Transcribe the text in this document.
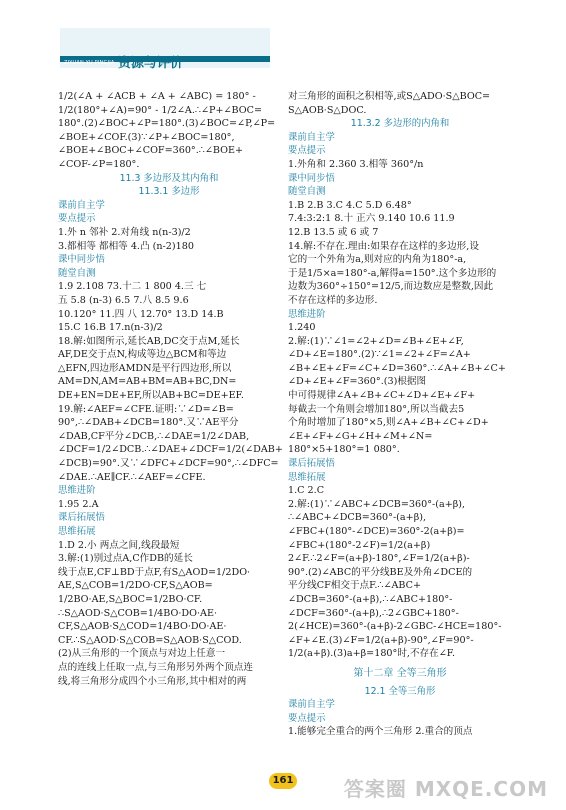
ZIYUAN YU PINGJIA 资源与评价

1/2(∠A + ∠ACB + ∠A + ∠ABC) = 180° -

1/2(180°+∠A)=90° - 1/2∠A.∴∠P+∠BOC=

180°.(2)∠BOC+∠P=180°.(3)∠BOC=∠P,∠P=

∠BOE+∠COF.(3)∵∠P+∠BOC=180°,

∠BOE+∠BOC+∠COF=360°.∴∠BOE+

∠COF-∠P=180°.

11.3 多边形及其内角和

11.3.1 多边形

课前自主学

要点提示

1.外 n 邻补 2.对角线 n(n-3)/2

3.都相等 都相等 4.凸 (n-2)180

课中同步悟

随堂自测

1.9 2.108 73.十二 1 800 4.三 七

五 5.8 (n-3) 6.5 7.八 8.5 9.6

10.120° 11.四 八 12.70° 13.D 14.B

15.C 16.B 17.n(n-3)/2

18.解:如图所示,延长AB,DC交于点M,延长

AF,DE交于点N,构成等边△BCM和等边

△EFN,四边形AMDN是平行四边形,所以

AM=DN,AM=AB+BM=AB+BC,DN=

DE+EN=DE+EF,所以AB+BC=DE+EF.

19.解:∠AEF=∠CFE.证明:∵∠D=∠B=

90°,∴∠DAB+∠DCB=180°.又∵AE平分

∠DAB,CF平分∠DCB,∴∠DAE=1/2∠DAB,

∠DCF=1/2∠DCB.∴∠DAE+∠DCF=1/2(∠DAB+

∠DCB)=90°.又∵∠DFC+∠DCF=90°,∴∠DFC=

∠DAE.∴AE∥CF.∴∠AEF=∠CFE.

思维进阶

1.95 2.A

课后拓展悟

思维拓展

1.D 2.小 两点之间,线段最短

3.解:(1)别过点A,C作DB的延长

线于点E,CF⊥BD于点F,有S△AOD=1/2DO·

AE,S△COB=1/2DO·CF,S△AOB=

1/2BO·AE,S△BOC=1/2BO·CF.

∴S△AOD·S△COB=1/4BO·DO·AE·

CF,S△AOB·S△COD=1/4BO·DO·AE·

CF.∴S△AOD·S△COB=S△AOB·S△COD.

(2)从三角形的一个顶点与对边上任意一

点的连线上任取一点,与三角形另外两个顶点连

线,将三角形分成四个小三角形,其中相对的两

对三角形的面积之积相等,或S△ADO·S△BOC=

S△AOB·S△DOC.

11.3.2 多边形的内角和

课前自主学

要点提示

1.外角和 2.360 3.相等 360°/n

课中同步悟

随堂自测

1.B 2.B 3.C 4.C 5.D 6.48°

7.4:3:2:1 8.十 正六 9.140 10.6 11.9

12.B 13.5 或 6 或 7

14.解:不存在.理由:如果存在这样的多边形,设

它的一个外角为a,则对应的内角为180°-a,

于是1/5×a=180°-a,解得a=150°.这个多边形的

边数为360°÷150°=12/5,而边数应是整数,因此

不存在这样的多边形.

思维进阶

1.240

2.解:(1)∵∠1=∠2+∠D=∠B+∠E+∠F,

∠D+∠E=180°.(2)∵∠1=∠2+∠F=∠A+

∠B+∠E+∠F=∠C+∠D=360°.∴∠A+∠B+∠C+

∠D+∠E+∠F=360°.(3)根据图

中可得规律∠A+∠B+∠C+∠D+∠E+∠F+

每截去一个角则会增加180°,所以当截去5

个角时增加了180°×5,则∠A+∠B+∠C+∠D+

∠E+∠F+∠G+∠H+∠M+∠N=

180°×5+180°=1 080°.

课后拓展悟

思维拓展

1.C 2.C

2.解:(1)∵∠ABC+∠DCB=360°-(a+β),

∴∠ABC+∠DCB=360°-(a+β),

∠FBC+(180°-∠DCE)=360°-2(a+β)=

∠FBC+(180°-2∠F)=1/2(a+β)

2∠F.∴2∠F=(a+β)-180°,∠F=1/2(a+β)-

90°.(2)∠ABC的平分线BE及外角∠DCE的

平分线CF相交于点F.∴∠ABC+

∠DCB=360°-(a+β),∴∠ABC+180°-

∠DCF=360°-(a+β),∴2∠GBC+180°-

2(∠HCE)=360°-(a+β)-2∠GBC-∠HCE=180°-

∠F+∠E.(3)∠F=1/2(a+β)-90°,∠F=90°-

1/2(a+β).(3)a+β=180°时,不存在∠F.

第十二章 全等三角形

12.1 全等三角形

课前自主学

要点提示

1.能够完全重合的两个三角形 2.重合的顶点

161	答案圈 MXQE.COM
